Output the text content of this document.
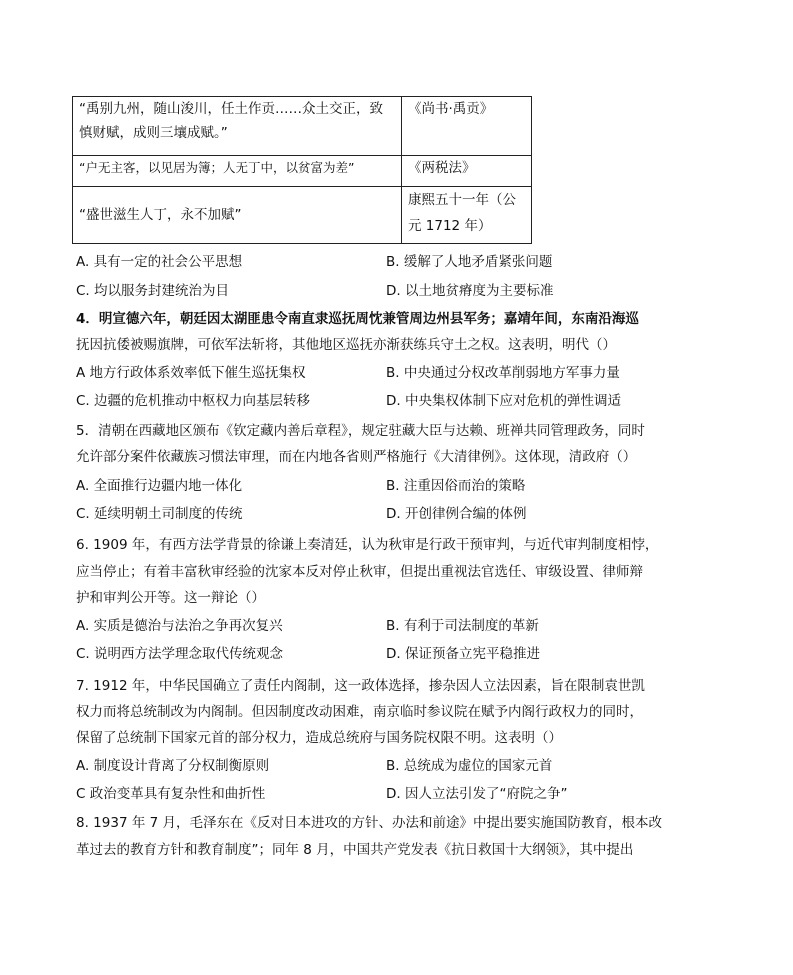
“禹别九州，随山浚川，任土作贡……众土交正，致慎财赋，成则三壤成赋。”	《尚书·禹贡》
“户无主客，以见居为簿；人无丁中，以贫富为差”	《两税法》
“盛世滋生人丁，永不加赋”	康熙五十一年（公元 1712 年）
A. 具有一定的社会公平思想	B. 缓解了人地矛盾紧张问题
C. 均以服务封建统治为目	D. 以土地贫瘠度为主要标准
4．明宣德六年，朝廷因太湖匪患令南直隶巡抚周忱兼管周边州县军务；嘉靖年间，东南沿海巡
抚因抗倭被赐旗牌，可依军法斩将，其他地区巡抚亦渐获练兵守土之权。这表明，明代（）
A 地方行政体系效率低下催生巡抚集权	B. 中央通过分权改革削弱地方军事力量
C. 边疆的危机推动中枢权力向基层转移	D. 中央集权体制下应对危机的弹性调适
5．清朝在西藏地区颁布《钦定藏内善后章程》，规定驻藏大臣与达赖、班禅共同管理政务，同时
允许部分案件依藏族习惯法审理，而在内地各省则严格施行《大清律例》。这体现，清政府（）
A. 全面推行边疆内地一体化	B. 注重因俗而治的策略
C. 延续明朝土司制度的传统	D. 开创律例合编的体例
6. 1909 年，有西方法学背景的徐谦上奏清廷，认为秋审是行政干预审判，与近代审判制度相悖，
应当停止；有着丰富秋审经验的沈家本反对停止秋审，但提出重视法官选任、审级设置、律师辩
护和审判公开等。这一辩论（）
A. 实质是德治与法治之争再次复兴	B. 有利于司法制度的革新
C. 说明西方法学理念取代传统观念	D. 保证预备立宪平稳推进
7. 1912 年，中华民国确立了责任内阁制，这一政体选择，掺杂因人立法因素，旨在限制袁世凯
权力而将总统制改为内阁制。但因制度改动困难，南京临时参议院在赋予内阁行政权力的同时，
保留了总统制下国家元首的部分权力，造成总统府与国务院权限不明。这表明（）
A. 制度设计背离了分权制衡原则	B. 总统成为虚位的国家元首
C 政治变革具有复杂性和曲折性	D. 因人立法引发了“府院之争”
8. 1937 年 7 月，毛泽东在《反对日本进攻的方针、办法和前途》中提出要实施国防教育，根本改
革过去的教育方针和教育制度”；同年 8 月，中国共产党发表《抗日救国十大纲领》，其中提出
